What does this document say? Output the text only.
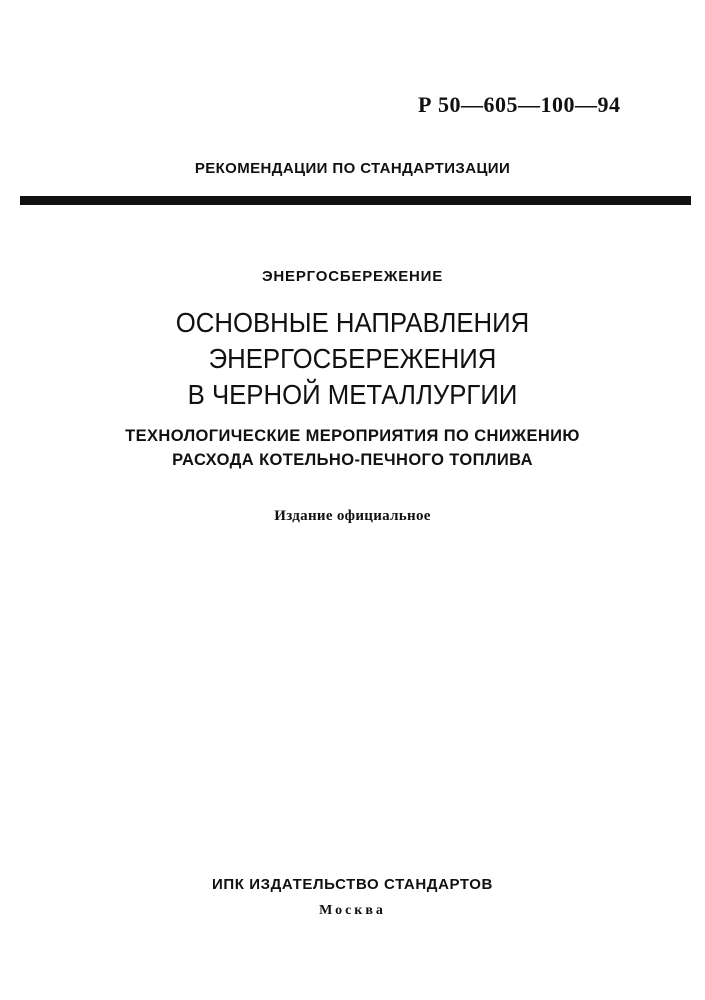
Р 50—605—100—94
РЕКОМЕНДАЦИИ ПО СТАНДАРТИЗАЦИИ
ЭНЕРГОСБЕРЕЖЕНИЕ
ОСНОВНЫЕ НАПРАВЛЕНИЯ
ЭНЕРГОСБЕРЕЖЕНИЯ
В ЧЕРНОЙ МЕТАЛЛУРГИИ
ТЕХНОЛОГИЧЕСКИЕ МЕРОПРИЯТИЯ ПО СНИЖЕНИЮ
РАСХОДА КОТЕЛЬНО-ПЕЧНОГО ТОПЛИВА
Издание официальное
ИПК ИЗДАТЕЛЬСТВО СТАНДАРТОВ
Москва
